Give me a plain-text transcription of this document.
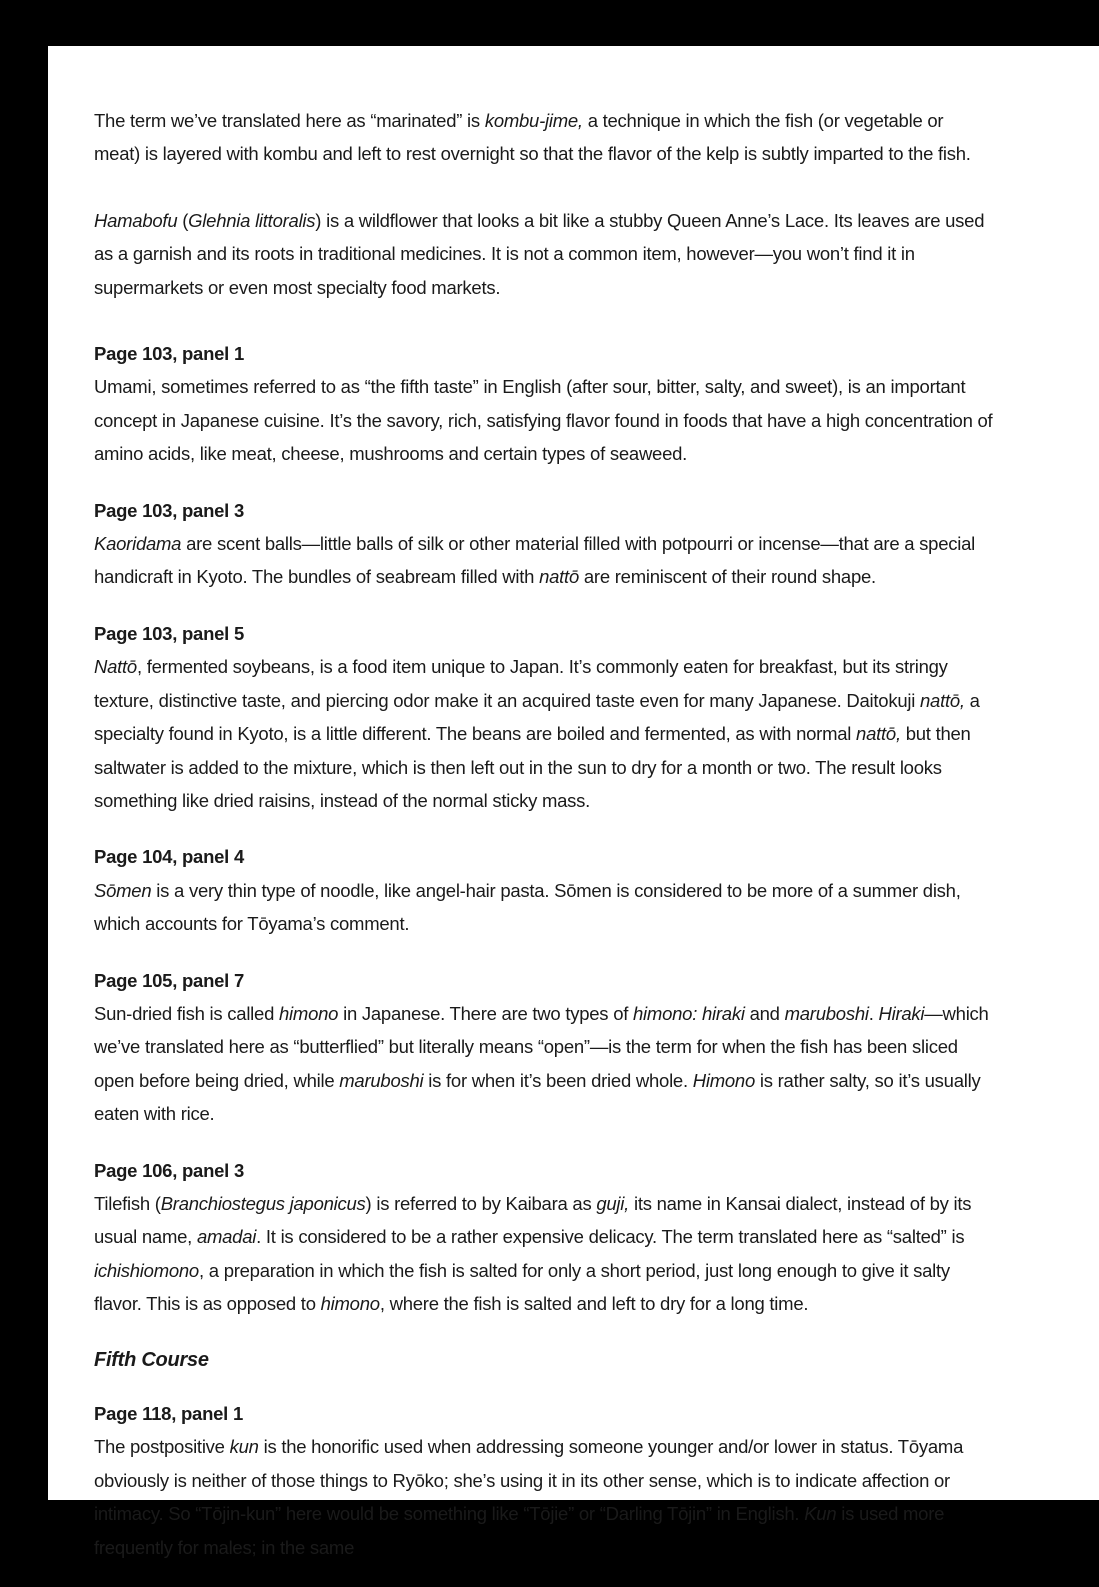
The term we’ve translated here as “marinated” is kombu-jime, a technique in which the fish (or vegetable or meat) is layered with kombu and left to rest overnight so that the flavor of the kelp is subtly imparted to the fish.

Hamabofu (Glehnia littoralis) is a wildflower that looks a bit like a stubby Queen Anne’s Lace. Its leaves are used as a garnish and its roots in traditional medicines. It is not a common item, however—you won’t find it in supermarkets or even most specialty food markets.

Page 103, panel 1

Umami, sometimes referred to as “the fifth taste” in English (after sour, bitter, salty, and sweet), is an important concept in Japanese cuisine. It’s the savory, rich, satisfying flavor found in foods that have a high concentration of amino acids, like meat, cheese, mushrooms and certain types of seaweed.

Page 103, panel 3

Kaoridama are scent balls—little balls of silk or other material filled with potpourri or incense—that are a special handicraft in Kyoto. The bundles of seabream filled with nattō are reminiscent of their round shape.

Page 103, panel 5

Nattō, fermented soybeans, is a food item unique to Japan. It’s commonly eaten for breakfast, but its stringy texture, distinctive taste, and piercing odor make it an acquired taste even for many Japanese. Daitokuji nattō, a specialty found in Kyoto, is a little different. The beans are boiled and fermented, as with normal nattō, but then saltwater is added to the mixture, which is then left out in the sun to dry for a month or two. The result looks something like dried raisins, instead of the normal sticky mass.

Page 104, panel 4

Sōmen is a very thin type of noodle, like angel-hair pasta. Sōmen is considered to be more of a summer dish, which accounts for Tōyama’s comment.

Page 105, panel 7

Sun-dried fish is called himono in Japanese. There are two types of himono: hiraki and maruboshi. Hiraki—which we’ve translated here as “butterflied” but literally means “open”—is the term for when the fish has been sliced open before being dried, while maruboshi is for when it’s been dried whole. Himono is rather salty, so it’s usually eaten with rice.

Page 106, panel 3

Tilefish (Branchiostegus japonicus) is referred to by Kaibara as guji, its name in Kansai dialect, instead of by its usual name, amadai. It is considered to be a rather expensive delicacy. The term translated here as “salted” is ichishiomono, a preparation in which the fish is salted for only a short period, just long enough to give it salty flavor. This is as opposed to himono, where the fish is salted and left to dry for a long time.

Fifth Course

Page 118, panel 1

The postpositive kun is the honorific used when addressing someone younger and/or lower in status. Tōyama obviously is neither of those things to Ryōko; she’s using it in its other sense, which is to indicate affection or intimacy. So “Tōjin-kun” here would be something like “Tōjie” or “Darling Tōjin” in English. Kun is used more frequently for males; in the same
